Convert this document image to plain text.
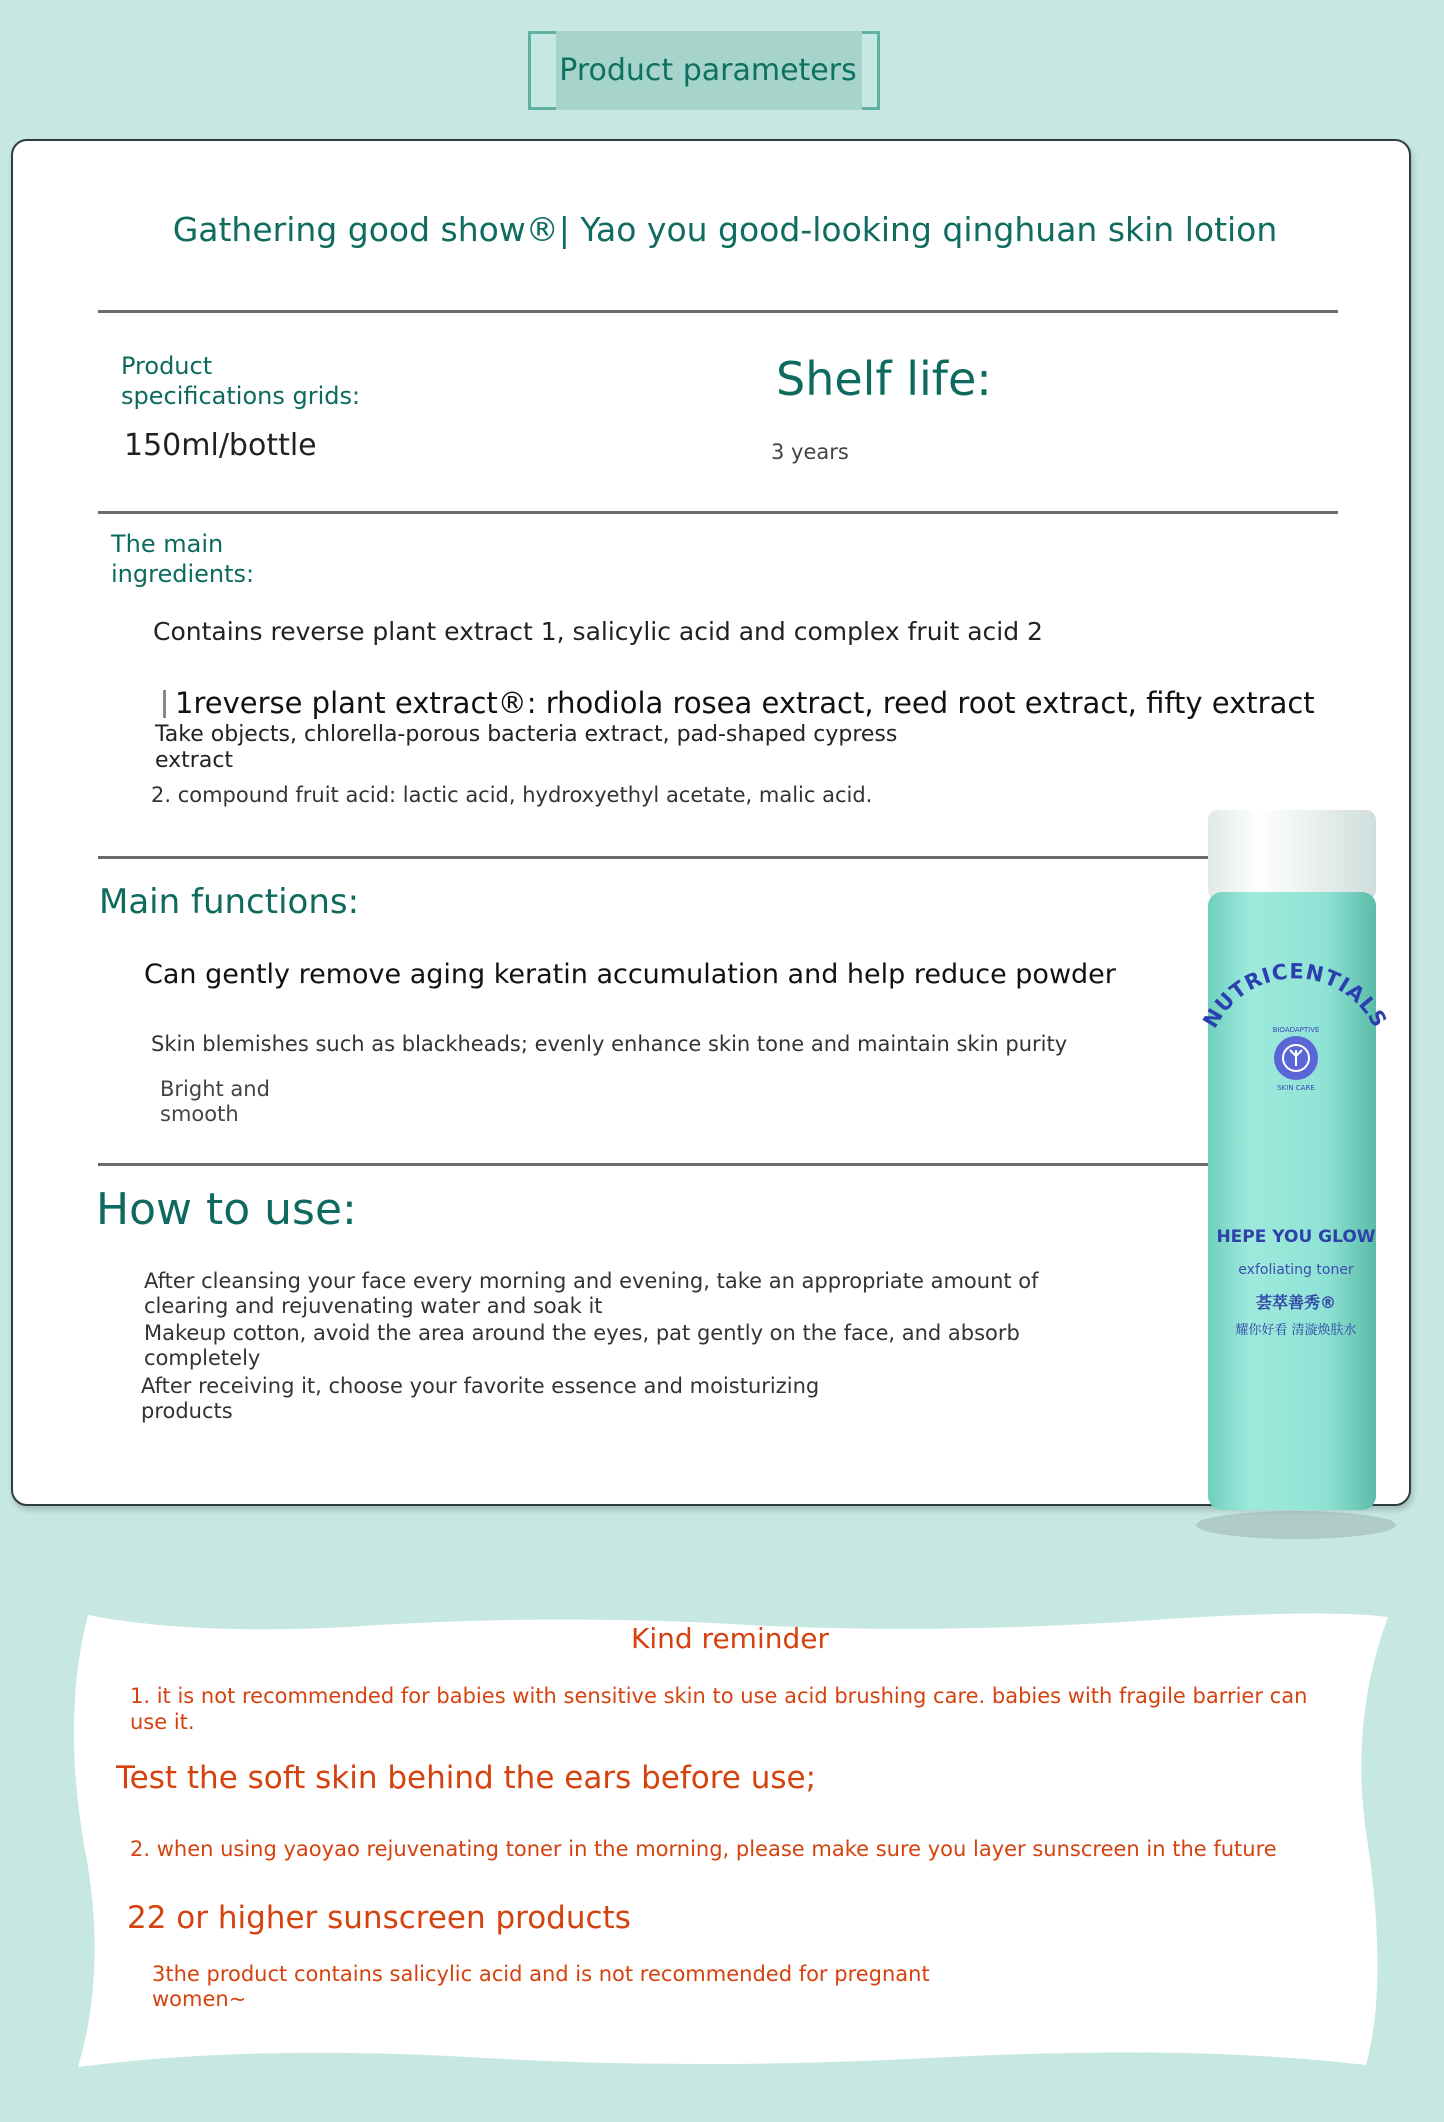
Product parameters
Gathering good show®| Yao you good-looking qinghuan skin lotion
Product
specifications grids:
150ml/bottle
Shelf life:
3 years
The main
ingredients:
Contains reverse plant extract 1, salicylic acid and complex fruit acid 2
1reverse plant extract®: rhodiola rosea extract, reed root extract, fifty extract
Take objects, chlorella-porous bacteria extract, pad-shaped cypress
extract
2. compound fruit acid: lactic acid, hydroxyethyl acetate, malic acid.
Main functions:
Can gently remove aging keratin accumulation and help reduce powder
Skin blemishes such as blackheads; evenly enhance skin tone and maintain skin purity
Bright and
smooth
How to use:
After cleansing your face every morning and evening, take an appropriate amount of
clearing and rejuvenating water and soak it
Makeup cotton, avoid the area around the eyes, pat gently on the face, and absorb
completely
After receiving it, choose your favorite essence and moisturizing
products
NUTRICENTIALS
BIOADAPTIVE
SKIN CARE
HEPE YOU GLOW
exfoliating toner
荟萃善秀®
耀你好看 清漩焕肤水
Kind reminder
1. it is not recommended for babies with sensitive skin to use acid brushing care. babies with fragile barrier can
use it.
Test the soft skin behind the ears before use;
2. when using yaoyao rejuvenating toner in the morning, please make sure you layer sunscreen in the future
22 or higher sunscreen products
3the product contains salicylic acid and is not recommended for pregnant
women~
